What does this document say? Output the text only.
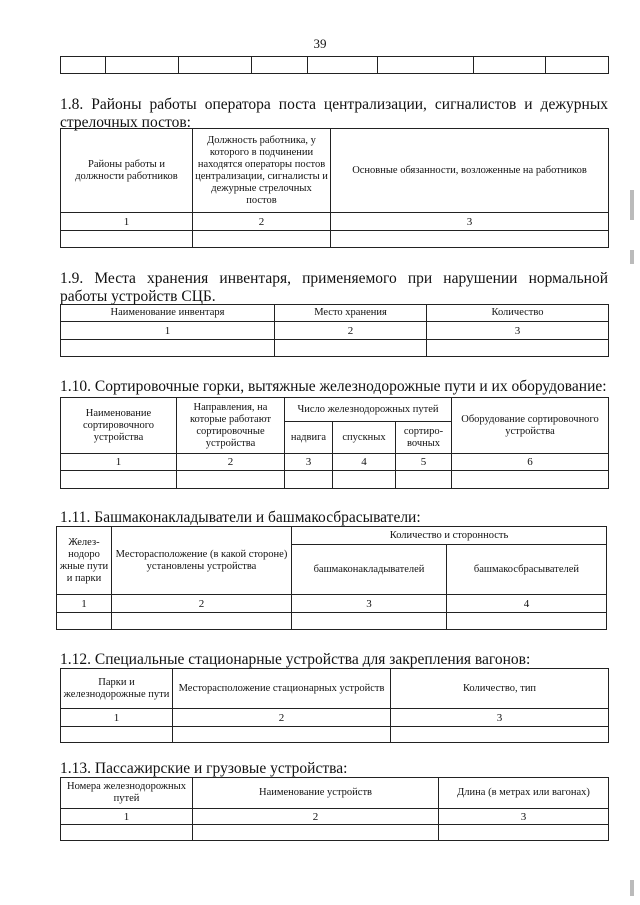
39

1.8. Районы работы оператора поста централизации, сигналистов и дежурных стрелочных постов:
Районы работы и должности работников	Должность работника, у которого в подчинении находятся операторы постов централизации, сигналисты и дежурные стрелочных постов	Основные обязанности, возложенные на работников
1	2	3

1.9. Места хранения инвентаря, применяемого при нарушении нормальной работы устройств СЦБ.
Наименование инвентаря	Место хранения	Количество
1	2	3

1.10. Сортировочные горки, вытяжные железнодорожные пути и их оборудование:
Наименование сортировочного устройства	Направления, на которые работают сортировочные устройства	Число железнодорожных путей			Оборудование сортировочного устройства
		надвига	спускных	сортиро-вочных	
1	2	3	4	5	6

1.11. Башмаконакладыватели и башмакосбрасыватели:
Желез-нодоро жные пути и парки	Месторасположение (в какой стороне) установлены устройства	Количество и сторонность	
		башмаконакладывателей	башмакосбрасывателей
1	2	3	4

1.12. Специальные стационарные устройства для закрепления вагонов:
Парки и железнодорожные пути	Месторасположение стационарных устройств	Количество, тип
1	2	3

1.13. Пассажирские и грузовые устройства:
Номера железнодорожных путей	Наименование устройств	Длина (в метрах или вагонах)
1	2	3
